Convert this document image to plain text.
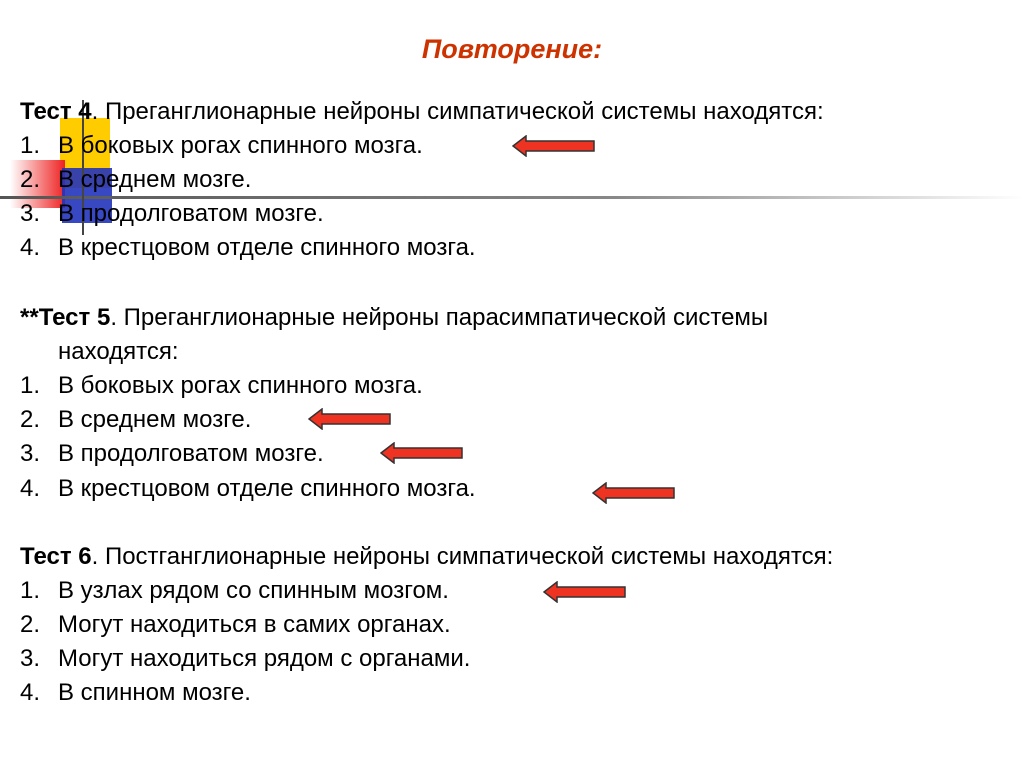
Повторение:
Тест 4. Преганглионарные нейроны симпатической системы находятся:
1. В боковых рогах спинного мозга.
2. В среднем мозге.
3. В продолговатом мозге.
4. В крестцовом отделе спинного мозга.
**Тест 5. Преганглионарные нейроны парасимпатической системы
находятся:
1. В боковых рогах спинного мозга.
2. В среднем мозге.
3. В продолговатом мозге.
4. В крестцовом отделе спинного мозга.
Тест 6. Постганглионарные нейроны симпатической системы находятся:
1. В узлах рядом со спинным мозгом.
2. Могут находиться в самих органах.
3. Могут находиться рядом с органами.
4. В спинном мозге.
